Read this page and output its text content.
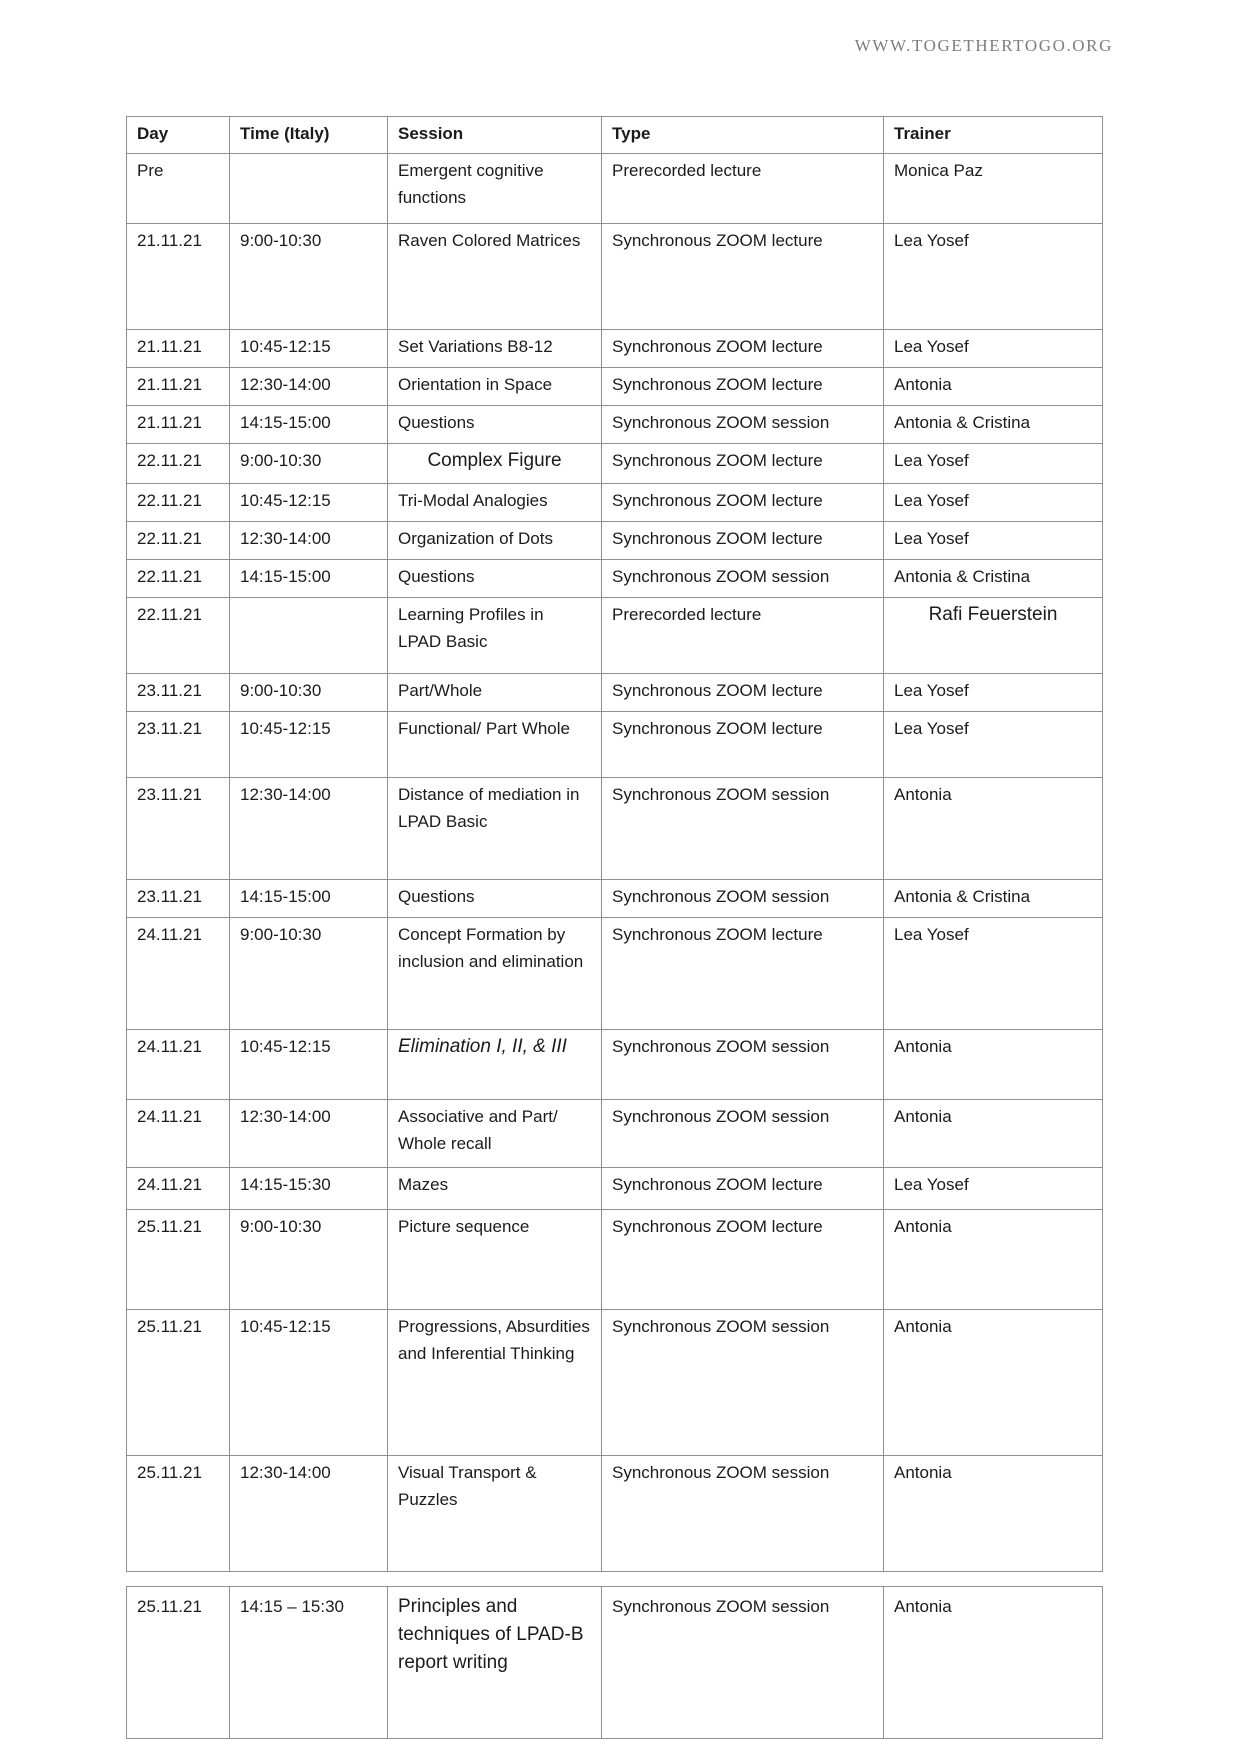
WWW.TOGETHERTOGO.ORG
Day	Time (Italy)	Session	Type	Trainer
Pre		Emergent cognitive functions	Prerecorded lecture	Monica Paz
21.11.21	9:00-10:30	Raven Colored Matrices	Synchronous ZOOM lecture	Lea Yosef
21.11.21	10:45-12:15	Set Variations B8-12	Synchronous ZOOM lecture	Lea Yosef
21.11.21	12:30-14:00	Orientation in Space	Synchronous ZOOM lecture	Antonia
21.11.21	14:15-15:00	Questions	Synchronous ZOOM session	Antonia & Cristina
22.11.21	9:00-10:30	Complex Figure	Synchronous ZOOM lecture	Lea Yosef
22.11.21	10:45-12:15	Tri-Modal Analogies	Synchronous ZOOM lecture	Lea Yosef
22.11.21	12:30-14:00	Organization of Dots	Synchronous ZOOM lecture	Lea Yosef
22.11.21	14:15-15:00	Questions	Synchronous ZOOM session	Antonia & Cristina
22.11.21		Learning Profiles in LPAD Basic	Prerecorded lecture	Rafi Feuerstein
23.11.21	9:00-10:30	Part/Whole	Synchronous ZOOM lecture	Lea Yosef
23.11.21	10:45-12:15	Functional/ Part Whole	Synchronous ZOOM lecture	Lea Yosef
23.11.21	12:30-14:00	Distance of mediation in LPAD Basic	Synchronous ZOOM session	Antonia
23.11.21	14:15-15:00	Questions	Synchronous ZOOM session	Antonia & Cristina
24.11.21	9:00-10:30	Concept Formation by inclusion and elimination	Synchronous ZOOM lecture	Lea Yosef
24.11.21	10:45-12:15	Elimination I, II, & III	Synchronous ZOOM session	Antonia
24.11.21	12:30-14:00	Associative and Part/ Whole recall	Synchronous ZOOM session	Antonia
24.11.21	14:15-15:30	Mazes	Synchronous ZOOM lecture	Lea Yosef
25.11.21	9:00-10:30	Picture sequence	Synchronous ZOOM lecture	Antonia
25.11.21	10:45-12:15	Progressions, Absurdities and Inferential Thinking	Synchronous ZOOM session	Antonia
25.11.21	12:30-14:00	Visual Transport & Puzzles	Synchronous ZOOM session	Antonia
25.11.21	14:15 – 15:30	Principles and techniques of LPAD-B report writing	Synchronous ZOOM session	Antonia
